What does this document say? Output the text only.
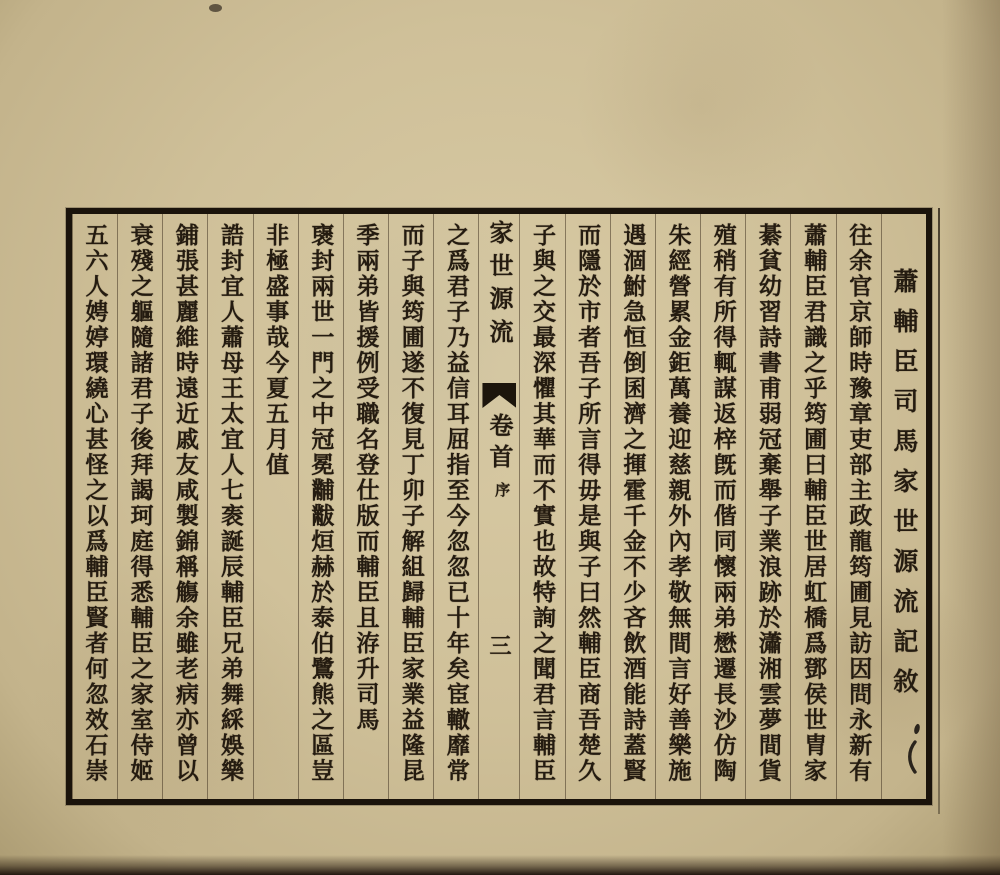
蕭輔臣司馬家世源流記敘
往余官京師時豫章吏部主政龍筠圃見訪因問永新有
蕭輔臣君識之乎筠圃曰輔臣世居虹橋爲鄧侯世胄家
綦貧幼習詩書甫弱冠棄舉子業浪跡於瀟湘雲夢間貨
殖稍有所得輒謀返梓旣而偕同懷兩弟懋遷長沙仿陶
朱經營累金鉅萬養迎慈親外內孝敬無間言好善樂施
遇涸鮒急恒倒囷濟之揮霍千金不少吝飲酒能詩蓋賢
而隱於市者吾子所言得毋是與子曰然輔臣商吾楚久
子與之交最深懼其華而不實也故特詢之聞君言輔臣
家世源流
卷首
序
三
之爲君子乃益信耳屈指至今忽忽已十年矣宦轍靡常
而子與筠圃遂不復見丁卯子解組歸輔臣家業益隆昆
季兩弟皆援例受職名登仕版而輔臣且洊升司馬
襃封兩世一門之中冠冕黼黻烜赫於泰伯鷺熊之區豈
非極盛事哉今夏五月值
誥封宜人蕭母王太宜人七袠誕辰輔臣兄弟舞綵娛樂
鋪張甚麗維時遠近戚友咸製錦稱觴余雖老病亦曾以
衰殘之軀隨諸君子後拜謁珂庭得悉輔臣之家室侍姬
五六人娉婷環繞心甚怪之以爲輔臣賢者何忽效石崇
